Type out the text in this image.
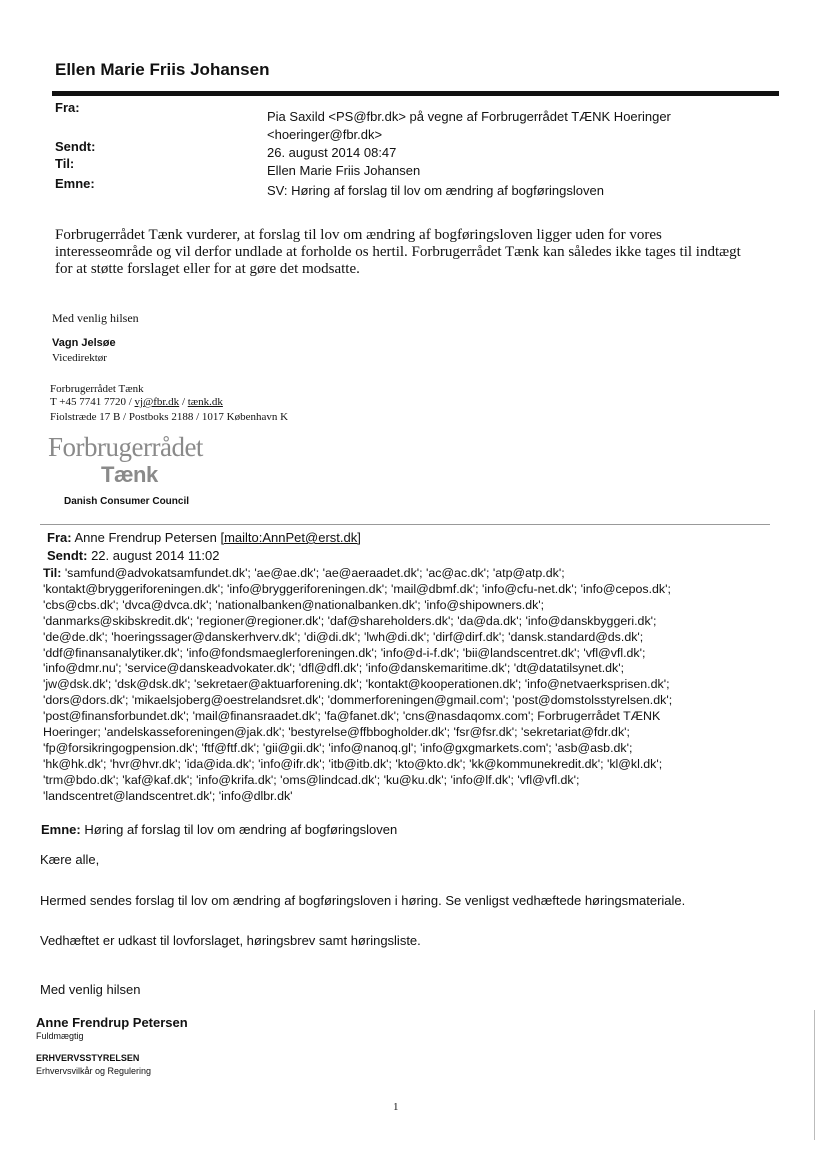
Ellen Marie Friis Johansen
Fra:
Pia Saxild <PS@fbr.dk> på vegne af Forbrugerrådet TÆNK Hoeringer <hoeringer@fbr.dk>
Sendt:	26. august 2014 08:47
Til:	Ellen Marie Friis Johansen
Emne:	SV: Høring af forslag til lov om ændring af bogføringsloven
Forbrugerrådet Tænk vurderer, at forslag til lov om ændring af bogføringsloven ligger uden for vores interesseområde og vil derfor undlade at forholde os hertil. Forbrugerrådet Tænk kan således ikke tages til indtægt for at støtte forslaget eller for at gøre det modsatte.
Med venlig hilsen
Vagn Jelsøe
Vicedirektør
Forbrugerrådet Tænk
T +45 7741 7720 / vj@fbr.dk / tænk.dk
Fiolstræde 17 B / Postboks 2188 / 1017 København K
Forbrugerrådet
Tænk
Danish Consumer Council
Fra: Anne Frendrup Petersen [mailto:AnnPet@erst.dk]
Sendt: 22. august 2014 11:02
Til: 'samfund@advokatsamfundet.dk'; 'ae@ae.dk'; 'ae@aeraadet.dk'; 'ac@ac.dk'; 'atp@atp.dk';
'kontakt@bryggeriforeningen.dk'; 'info@bryggeriforeningen.dk'; 'mail@dbmf.dk'; 'info@cfu-net.dk'; 'info@cepos.dk';
'cbs@cbs.dk'; 'dvca@dvca.dk'; 'nationalbanken@nationalbanken.dk'; 'info@shipowners.dk';
'danmarks@skibskredit.dk'; 'regioner@regioner.dk'; 'daf@shareholders.dk'; 'da@da.dk'; 'info@danskbyggeri.dk';
'de@de.dk'; 'hoeringssager@danskerhverv.dk'; 'di@di.dk'; 'lwh@di.dk'; 'dirf@dirf.dk'; 'dansk.standard@ds.dk';
'ddf@finansanalytiker.dk'; 'info@fondsmaeglerforeningen.dk'; 'info@d-i-f.dk'; 'bii@landscentret.dk'; 'vfl@vfl.dk';
'info@dmr.nu'; 'service@danskeadvokater.dk'; 'dfl@dfl.dk'; 'info@danskemaritime.dk'; 'dt@datatilsynet.dk';
'jw@dsk.dk'; 'dsk@dsk.dk'; 'sekretaer@aktuarforening.dk'; 'kontakt@kooperationen.dk'; 'info@netvaerksprisen.dk';
'dors@dors.dk'; 'mikaelsjoberg@oestrelandsret.dk'; 'dommerforeningen@gmail.com'; 'post@domstolsstyrelsen.dk';
'post@finansforbundet.dk'; 'mail@finansraadet.dk'; 'fa@fanet.dk'; 'cns@nasdaqomx.com'; Forbrugerrådet TÆNK
Hoeringer; 'andelskasseforeningen@jak.dk'; 'bestyrelse@ffbbogholder.dk'; 'fsr@fsr.dk'; 'sekretariat@fdr.dk';
'fp@forsikringogpension.dk'; 'ftf@ftf.dk'; 'gii@gii.dk'; 'info@nanoq.gl'; 'info@gxgmarkets.com'; 'asb@asb.dk';
'hk@hk.dk'; 'hvr@hvr.dk'; 'ida@ida.dk'; 'info@ifr.dk'; 'itb@itb.dk'; 'kto@kto.dk'; 'kk@kommunekredit.dk'; 'kl@kl.dk';
'trm@bdo.dk'; 'kaf@kaf.dk'; 'info@krifa.dk'; 'oms@lindcad.dk'; 'ku@ku.dk'; 'info@lf.dk'; 'vfl@vfl.dk';
'landscentret@landscentret.dk'; 'info@dlbr.dk'
Emne: Høring af forslag til lov om ændring af bogføringsloven
Kære alle,
Hermed sendes forslag til lov om ændring af bogføringsloven i høring. Se venligst vedhæftede høringsmateriale.
Vedhæftet er udkast til lovforslaget, høringsbrev samt høringsliste.
Med venlig hilsen
Anne Frendrup Petersen
Fuldmægtig
ERHVERVSSTYRELSEN
Erhvervsvilkår og Regulering
1
